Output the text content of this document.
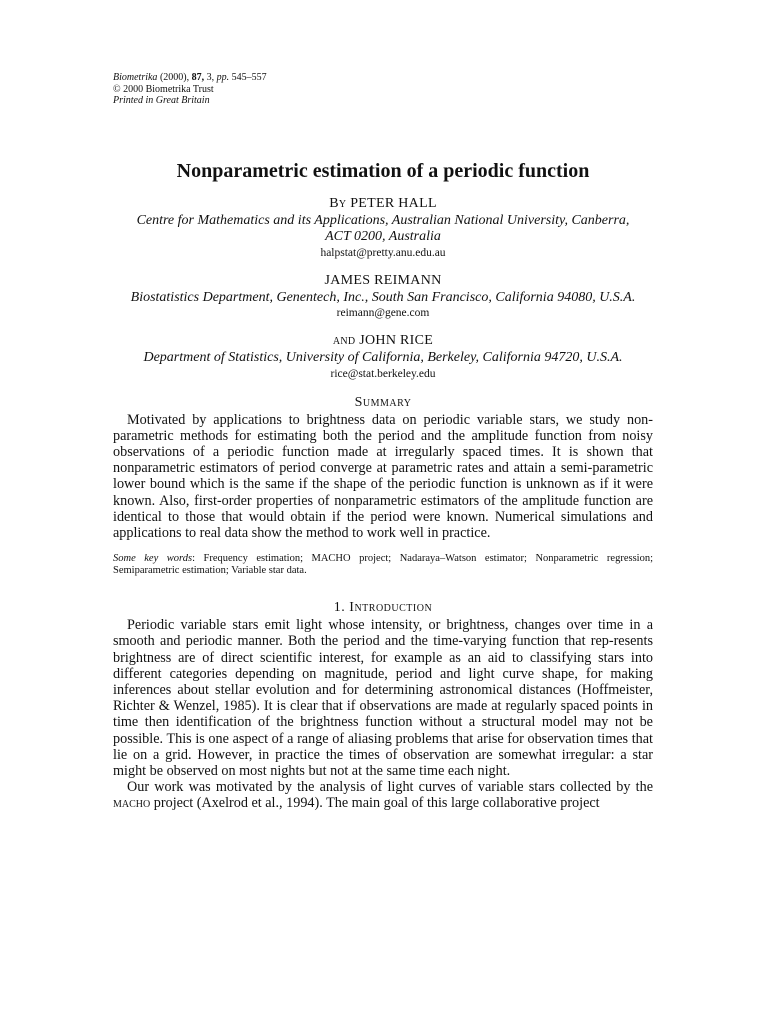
Biometrika (2000), 87, 3, pp. 545–557
© 2000 Biometrika Trust
Printed in Great Britain
Nonparametric estimation of a periodic function
By PETER HALL
Centre for Mathematics and its Applications, Australian National University, Canberra,
ACT 0200, Australia
halpstat@pretty.anu.edu.au
JAMES REIMANN
Biostatistics Department, Genentech, Inc., South San Francisco, California 94080, U.S.A.
reimann@gene.com
and JOHN RICE
Department of Statistics, University of California, Berkeley, California 94720, U.S.A.
rice@stat.berkeley.edu
Summary

Motivated by applications to brightness data on periodic variable stars, we study non-parametric methods for estimating both the period and the amplitude function from noisy observations of a periodic function made at irregularly spaced times. It is shown that nonparametric estimators of period converge at parametric rates and attain a semi-parametric lower bound which is the same if the shape of the periodic function is unknown as if it were known. Also, first-order properties of nonparametric estimators of the amplitude function are identical to those that would obtain if the period were known. Numerical simulations and applications to real data show the method to work well in practice.

Some key words: Frequency estimation; MACHO project; Nadaraya–Watson estimator; Nonparametric regression; Semiparametric estimation; Variable star data.
1. Introduction

Periodic variable stars emit light whose intensity, or brightness, changes over time in a smooth and periodic manner. Both the period and the time-varying function that rep-resents brightness are of direct scientific interest, for example as an aid to classifying stars into different categories depending on magnitude, period and light curve shape, for making inferences about stellar evolution and for determining astronomical distances (Hoffmeister, Richter & Wenzel, 1985). It is clear that if observations are made at regularly spaced points in time then identification of the brightness function without a structural model may not be possible. This is one aspect of a range of aliasing problems that arise for observation times that lie on a grid. However, in practice the times of observation are somewhat irregular: a star might be observed on most nights but not at the same time each night.

Our work was motivated by the analysis of light curves of variable stars collected by the macho project (Axelrod et al., 1994). The main goal of this large collaborative project
